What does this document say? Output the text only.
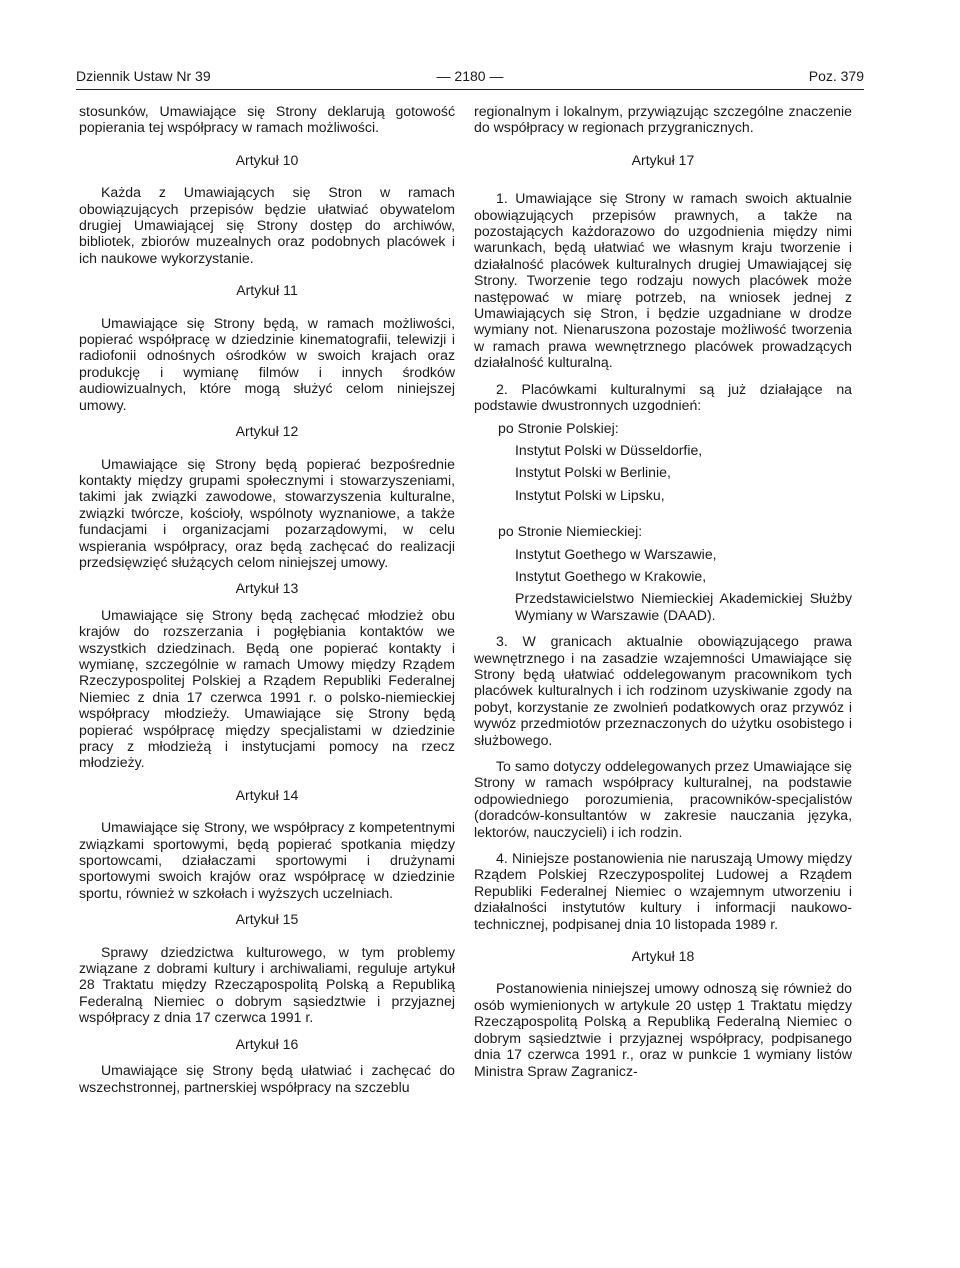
Dziennik Ustaw Nr 39	— 2180 —	Poz. 379

stosunków, Umawiające się Strony deklarują gotowość popierania tej współpracy w ramach możliwości.

Artykuł 10

Każda z Umawiających się Stron w ramach obowiązujących przepisów będzie ułatwiać obywatelom drugiej Umawiającej się Strony dostęp do archiwów, bibliotek, zbiorów muzealnych oraz podobnych placówek i ich naukowe wykorzystanie.

Artykuł 11

Umawiające się Strony będą, w ramach możliwości, popierać współpracę w dziedzinie kinematografii, telewizji i radiofonii odnośnych ośrodków w swoich krajach oraz produkcję i wymianę filmów i innych środków audiowizualnych, które mogą służyć celom niniejszej umowy.

Artykuł 12

Umawiające się Strony będą popierać bezpośrednie kontakty między grupami społecznymi i stowarzyszeniami, takimi jak związki zawodowe, stowarzyszenia kulturalne, związki twórcze, kościoły, wspólnoty wyznaniowe, a także fundacjami i organizacjami pozarządowymi, w celu wspierania współpracy, oraz będą zachęcać do realizacji przedsięwzięć służących celom niniejszej umowy.

Artykuł 13

Umawiające się Strony będą zachęcać młodzież obu krajów do rozszerzania i pogłębiania kontaktów we wszystkich dziedzinach. Będą one popierać kontakty i wymianę, szczególnie w ramach Umowy między Rządem Rzeczypospolitej Polskiej a Rządem Republiki Federalnej Niemiec z dnia 17 czerwca 1991 r. o polsko-niemieckiej współpracy młodzieży. Umawiające się Strony będą popierać współpracę między specjalistami w dziedzinie pracy z młodzieżą i instytucjami pomocy na rzecz młodzieży.

Artykuł 14

Umawiające się Strony, we współpracy z kompetentnymi związkami sportowymi, będą popierać spotkania między sportowcami, działaczami sportowymi i drużynami sportowymi swoich krajów oraz współpracę w dziedzinie sportu, również w szkołach i wyższych uczelniach.

Artykuł 15

Sprawy dziedzictwa kulturowego, w tym problemy związane z dobrami kultury i archiwaliami, reguluje artykuł 28 Traktatu między Rzecząpospolitą Polską a Republiką Federalną Niemiec o dobrym sąsiedztwie i przyjaznej współpracy z dnia 17 czerwca 1991 r.

Artykuł 16

Umawiające się Strony będą ułatwiać i zachęcać do wszechstronnej, partnerskiej współpracy na szczeblu

regionalnym i lokalnym, przywiązując szczególne znaczenie do współpracy w regionach przygranicznych.

Artykuł 17

1. Umawiające się Strony w ramach swoich aktualnie obowiązujących przepisów prawnych, a także na pozostających każdorazowo do uzgodnienia między nimi warunkach, będą ułatwiać we własnym kraju tworzenie i działalność placówek kulturalnych drugiej Umawiającej się Strony. Tworzenie tego rodzaju nowych placówek może następować w miarę potrzeb, na wniosek jednej z Umawiających się Stron, i będzie uzgadniane w drodze wymiany not. Nienaruszona pozostaje możliwość tworzenia w ramach prawa wewnętrznego placówek prowadzących działalność kulturalną.

2. Placówkami kulturalnymi są już działające na podstawie dwustronnych uzgodnień:

po Stronie Polskiej:

Instytut Polski w Düsseldorfie,

Instytut Polski w Berlinie,

Instytut Polski w Lipsku,

po Stronie Niemieckiej:

Instytut Goethego w Warszawie,

Instytut Goethego w Krakowie,

Przedstawicielstwo Niemieckiej Akademickiej Służby Wymiany w Warszawie (DAAD).

3. W granicach aktualnie obowiązującego prawa wewnętrznego i na zasadzie wzajemności Umawiające się Strony będą ułatwiać oddelegowanym pracownikom tych placówek kulturalnych i ich rodzinom uzyskiwanie zgody na pobyt, korzystanie ze zwolnień podatkowych oraz przywóz i wywóz przedmiotów przeznaczonych do użytku osobistego i służbowego.

To samo dotyczy oddelegowanych przez Umawiające się Strony w ramach współpracy kulturalnej, na podstawie odpowiedniego porozumienia, pracowników-specjalistów (doradców-konsultantów w zakresie nauczania języka, lektorów, nauczycieli) i ich rodzin.

4. Niniejsze postanowienia nie naruszają Umowy między Rządem Polskiej Rzeczypospolitej Ludowej a Rządem Republiki Federalnej Niemiec o wzajemnym utworzeniu i działalności instytutów kultury i informacji naukowo-technicznej, podpisanej dnia 10 listopada 1989 r.

Artykuł 18

Postanowienia niniejszej umowy odnoszą się również do osób wymienionych w artykule 20 ustęp 1 Traktatu między Rzecząpospolitą Polską a Republiką Federalną Niemiec o dobrym sąsiedztwie i przyjaznej współpracy, podpisanego dnia 17 czerwca 1991 r., oraz w punkcie 1 wymiany listów Ministra Spraw Zagranicz-
